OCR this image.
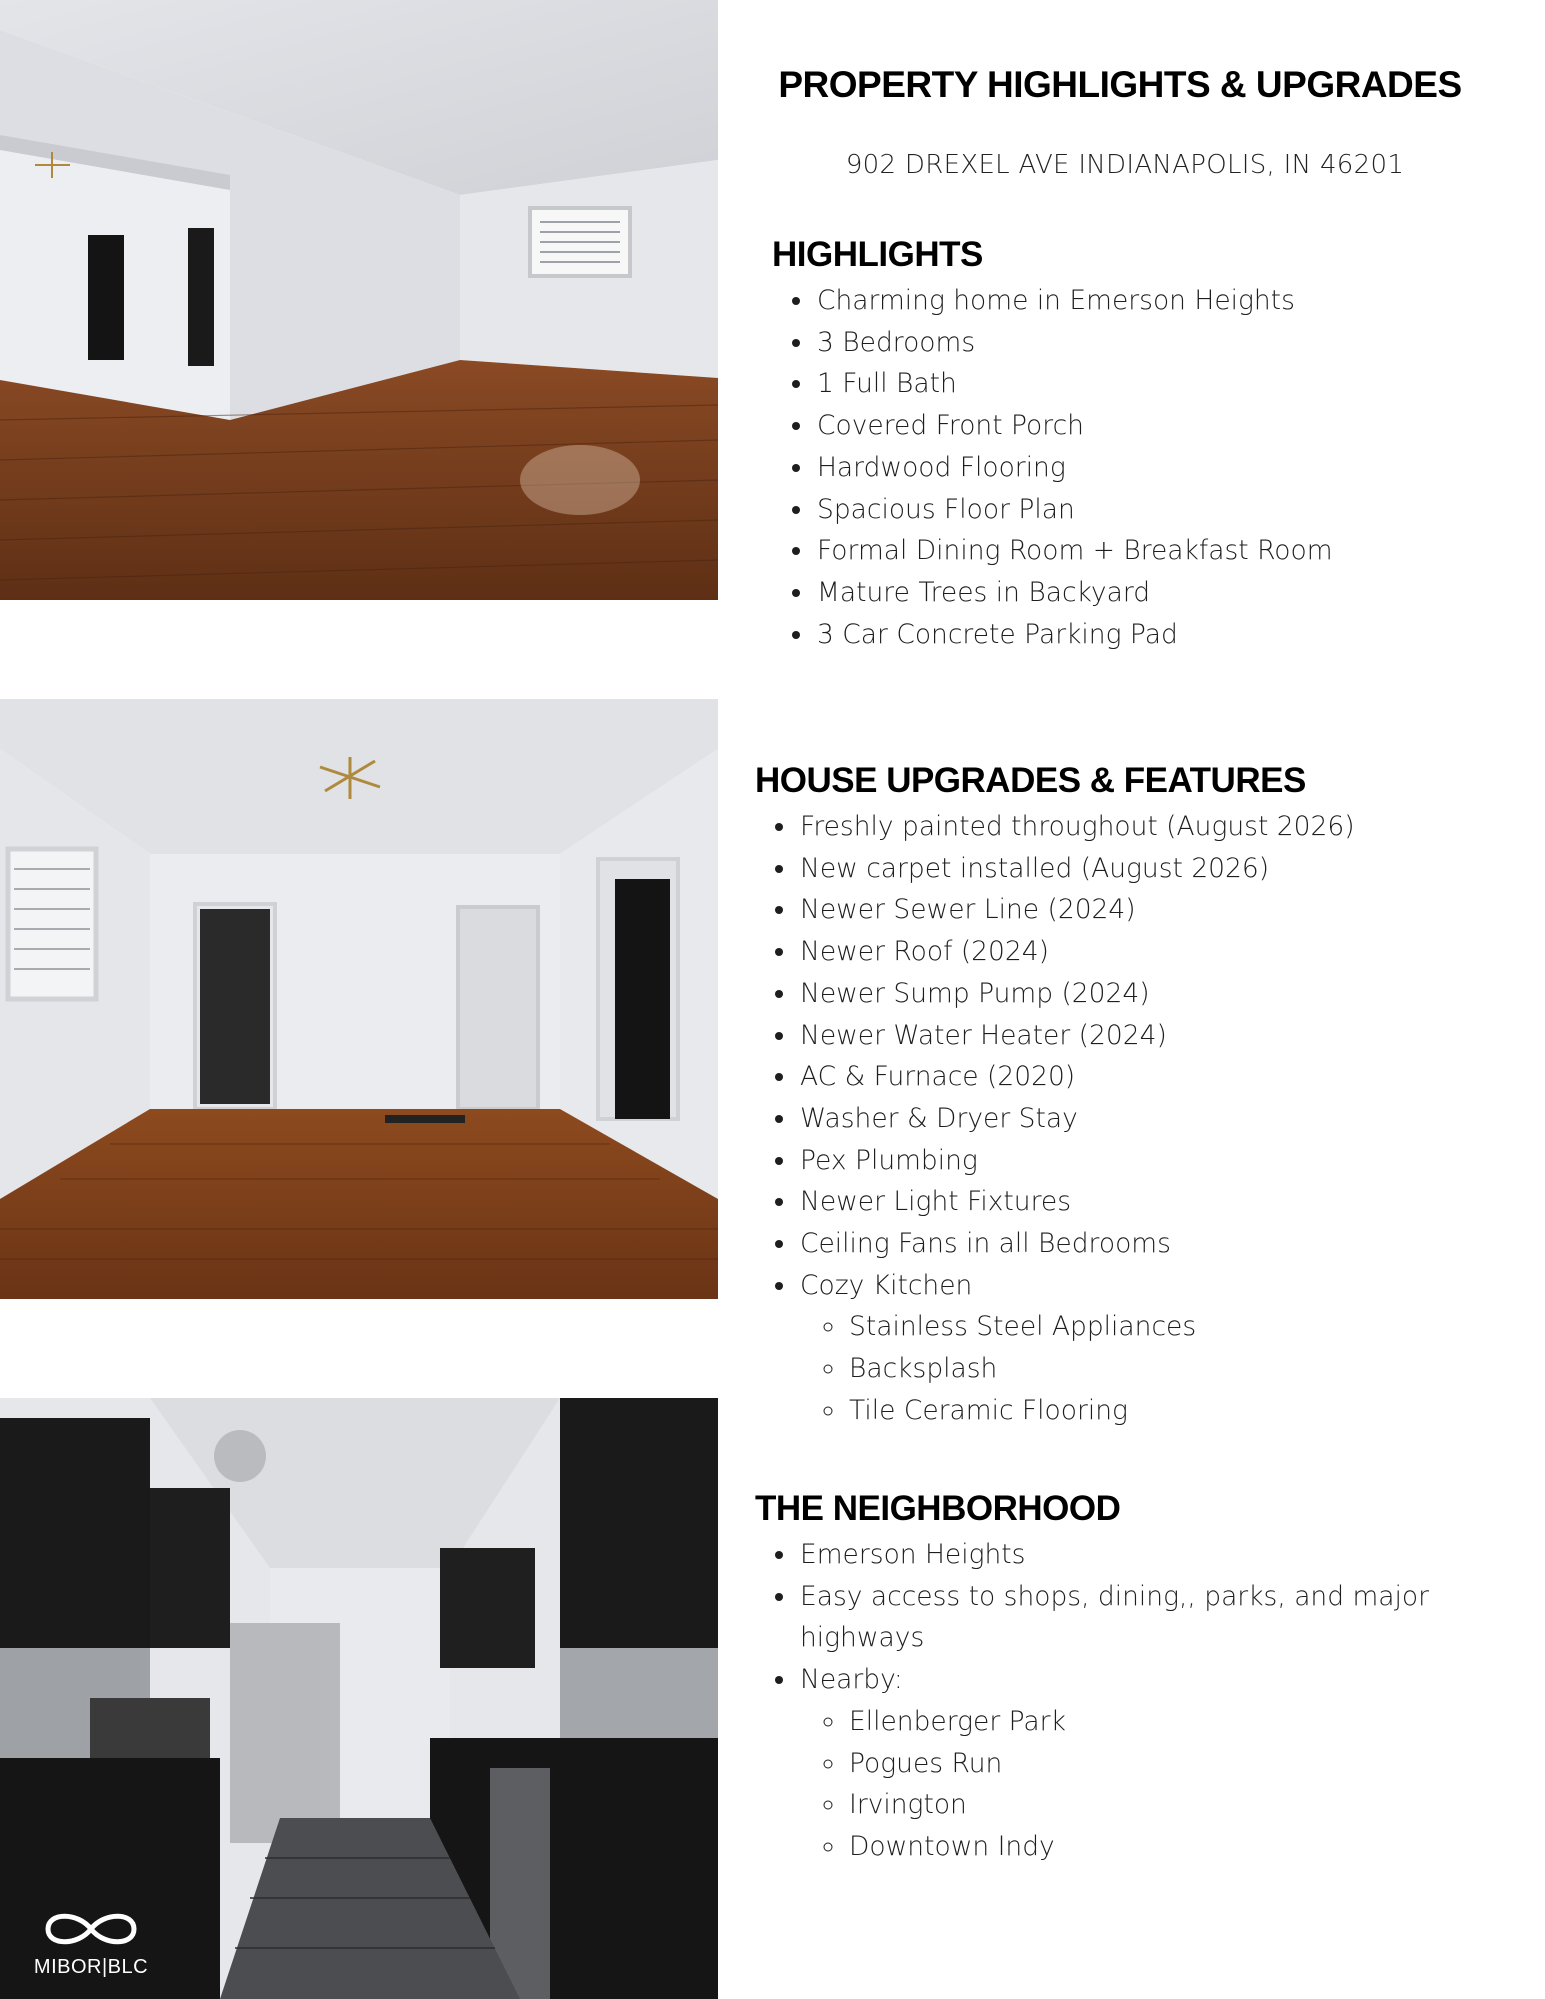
PROPERTY HIGHLIGHTS & UPGRADES

902 DREXEL AVE INDIANAPOLIS, IN 46201

HIGHLIGHTS
• Charming home in Emerson Heights
• 3 Bedrooms
• 1 Full Bath
• Covered Front Porch
• Hardwood Flooring
• Spacious Floor Plan
• Formal Dining Room + Breakfast Room
• Mature Trees in Backyard
• 3 Car Concrete Parking Pad
HOUSE UPGRADES & FEATURES
• Freshly painted throughout (August 2026)
• New carpet installed (August 2026)
• Newer Sewer Line (2024)
• Newer Roof (2024)
• Newer Sump Pump (2024)
• Newer Water Heater (2024)
• AC & Furnace (2020)
• Washer & Dryer Stay
• Pex Plumbing
• Newer Light Fixtures
• Ceiling Fans in all Bedrooms
• Cozy Kitchen
◦ Stainless Steel Appliances
◦ Backsplash
◦ Tile Ceramic Flooring
THE NEIGHBORHOOD
• Emerson Heights
• Easy access to shops, dining,, parks, and major highways
• Nearby:
◦ Ellenberger Park
◦ Pogues Run
◦ Irvington
◦ Downtown Indy
MIBOR|BLC
